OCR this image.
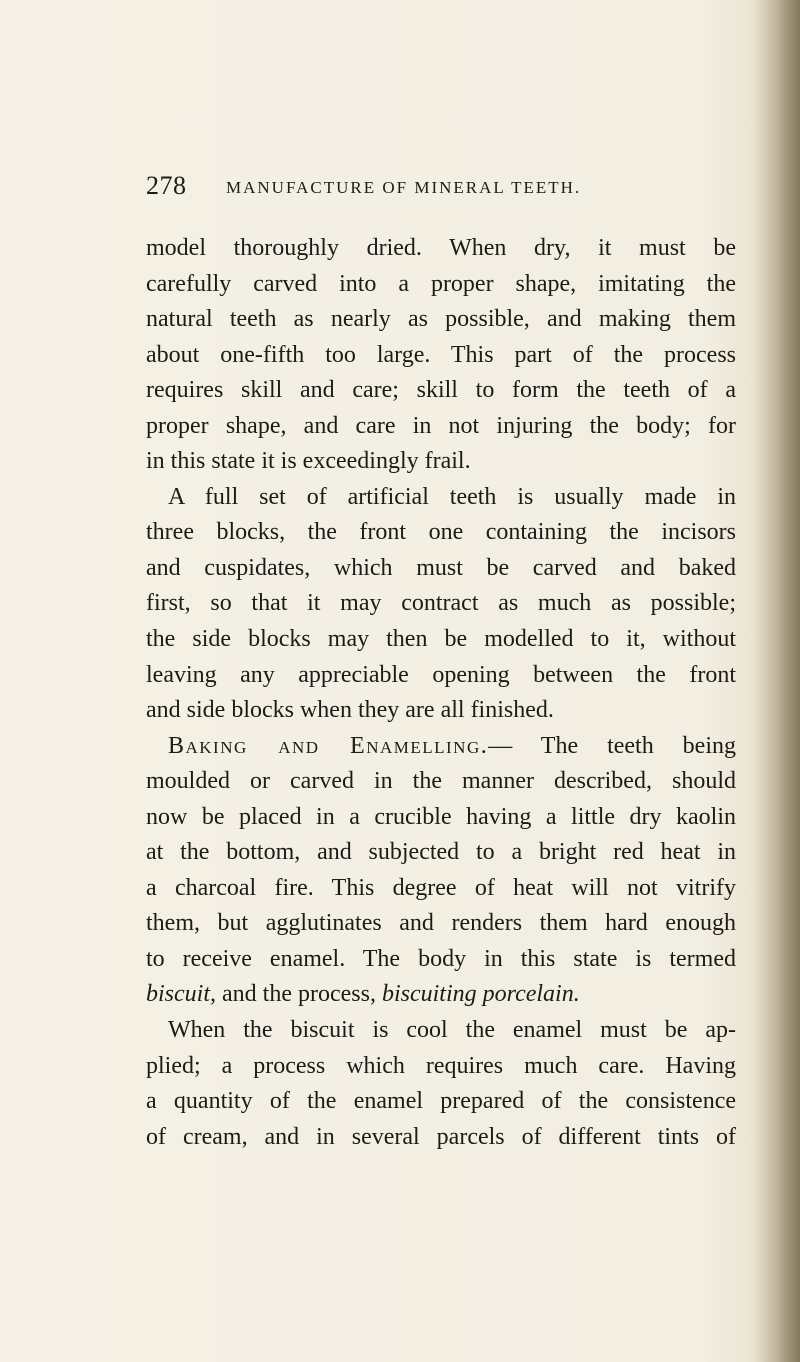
278 MANUFACTURE OF MINERAL TEETH.
model thoroughly dried. When dry, it must be
carefully carved into a proper shape, imitating the
natural teeth as nearly as possible, and making them
about one-fifth too large. This part of the process
requires skill and care; skill to form the teeth of a
proper shape, and care in not injuring the body; for
in this state it is exceedingly frail.
A full set of artificial teeth is usually made in
three blocks, the front one containing the incisors
and cuspidates, which must be carved and baked
first, so that it may contract as much as possible;
the side blocks may then be modelled to it, without
leaving any appreciable opening between the front
and side blocks when they are all finished.
Baking and Enamelling.— The teeth being
moulded or carved in the manner described, should
now be placed in a crucible having a little dry kaolin
at the bottom, and subjected to a bright red heat in
a charcoal fire. This degree of heat will not vitrify
them, but agglutinates and renders them hard enough
to receive enamel. The body in this state is termed
biscuit, and the process, biscuiting porcelain.
When the biscuit is cool the enamel must be ap-
plied; a process which requires much care. Having
a quantity of the enamel prepared of the consistence
of cream, and in several parcels of different tints of
